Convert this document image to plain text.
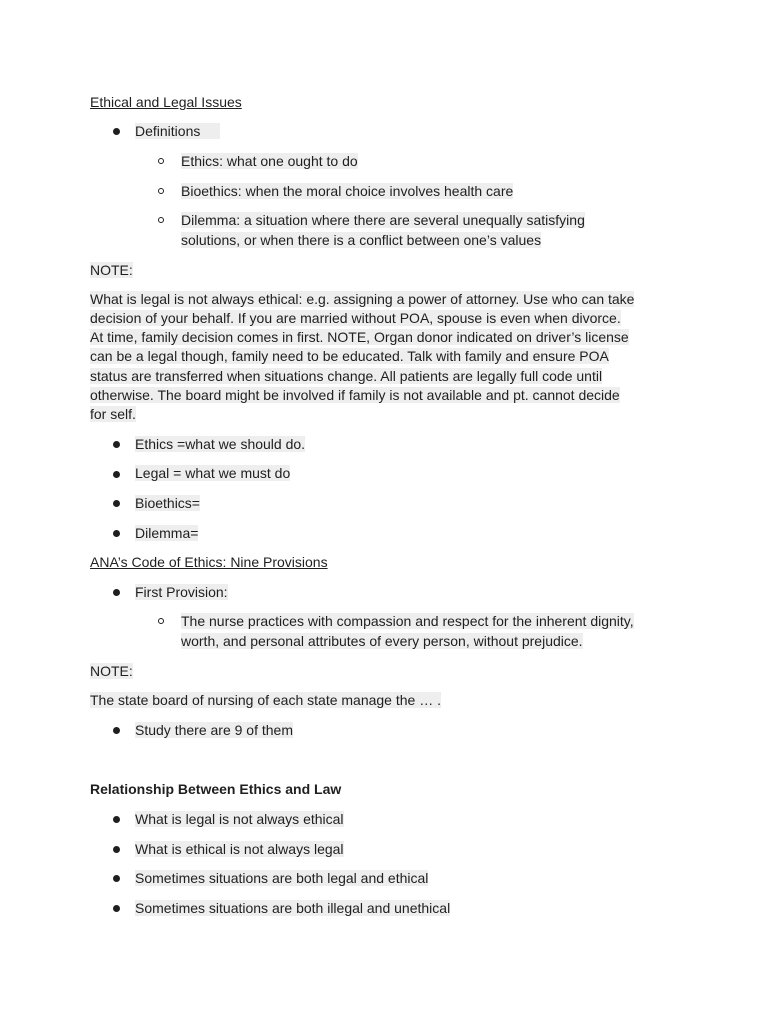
Ethical and Legal Issues
Definitions
Ethics: what one ought to do
Bioethics: when the moral choice involves health care
Dilemma: a situation where there are several unequally satisfying
solutions, or when there is a conflict between one’s values
NOTE:
What is legal is not always ethical: e.g. assigning a power of attorney. Use who can take
decision of your behalf. If you are married without POA, spouse is even when divorce.
At time, family decision comes in first. NOTE, Organ donor indicated on driver’s license
can be a legal though, family need to be educated. Talk with family and ensure POA
status are transferred when situations change. All patients are legally full code until
otherwise. The board might be involved if family is not available and pt. cannot decide
for self.
Ethics =what we should do.
Legal = what we must do
Bioethics=
Dilemma=
ANA’s Code of Ethics: Nine Provisions
First Provision:
The nurse practices with compassion and respect for the inherent dignity,
worth, and personal attributes of every person, without prejudice.
NOTE:
The state board of nursing of each state manage the … .
Study there are 9 of them
Relationship Between Ethics and Law
What is legal is not always ethical
What is ethical is not always legal
Sometimes situations are both legal and ethical
Sometimes situations are both illegal and unethical
